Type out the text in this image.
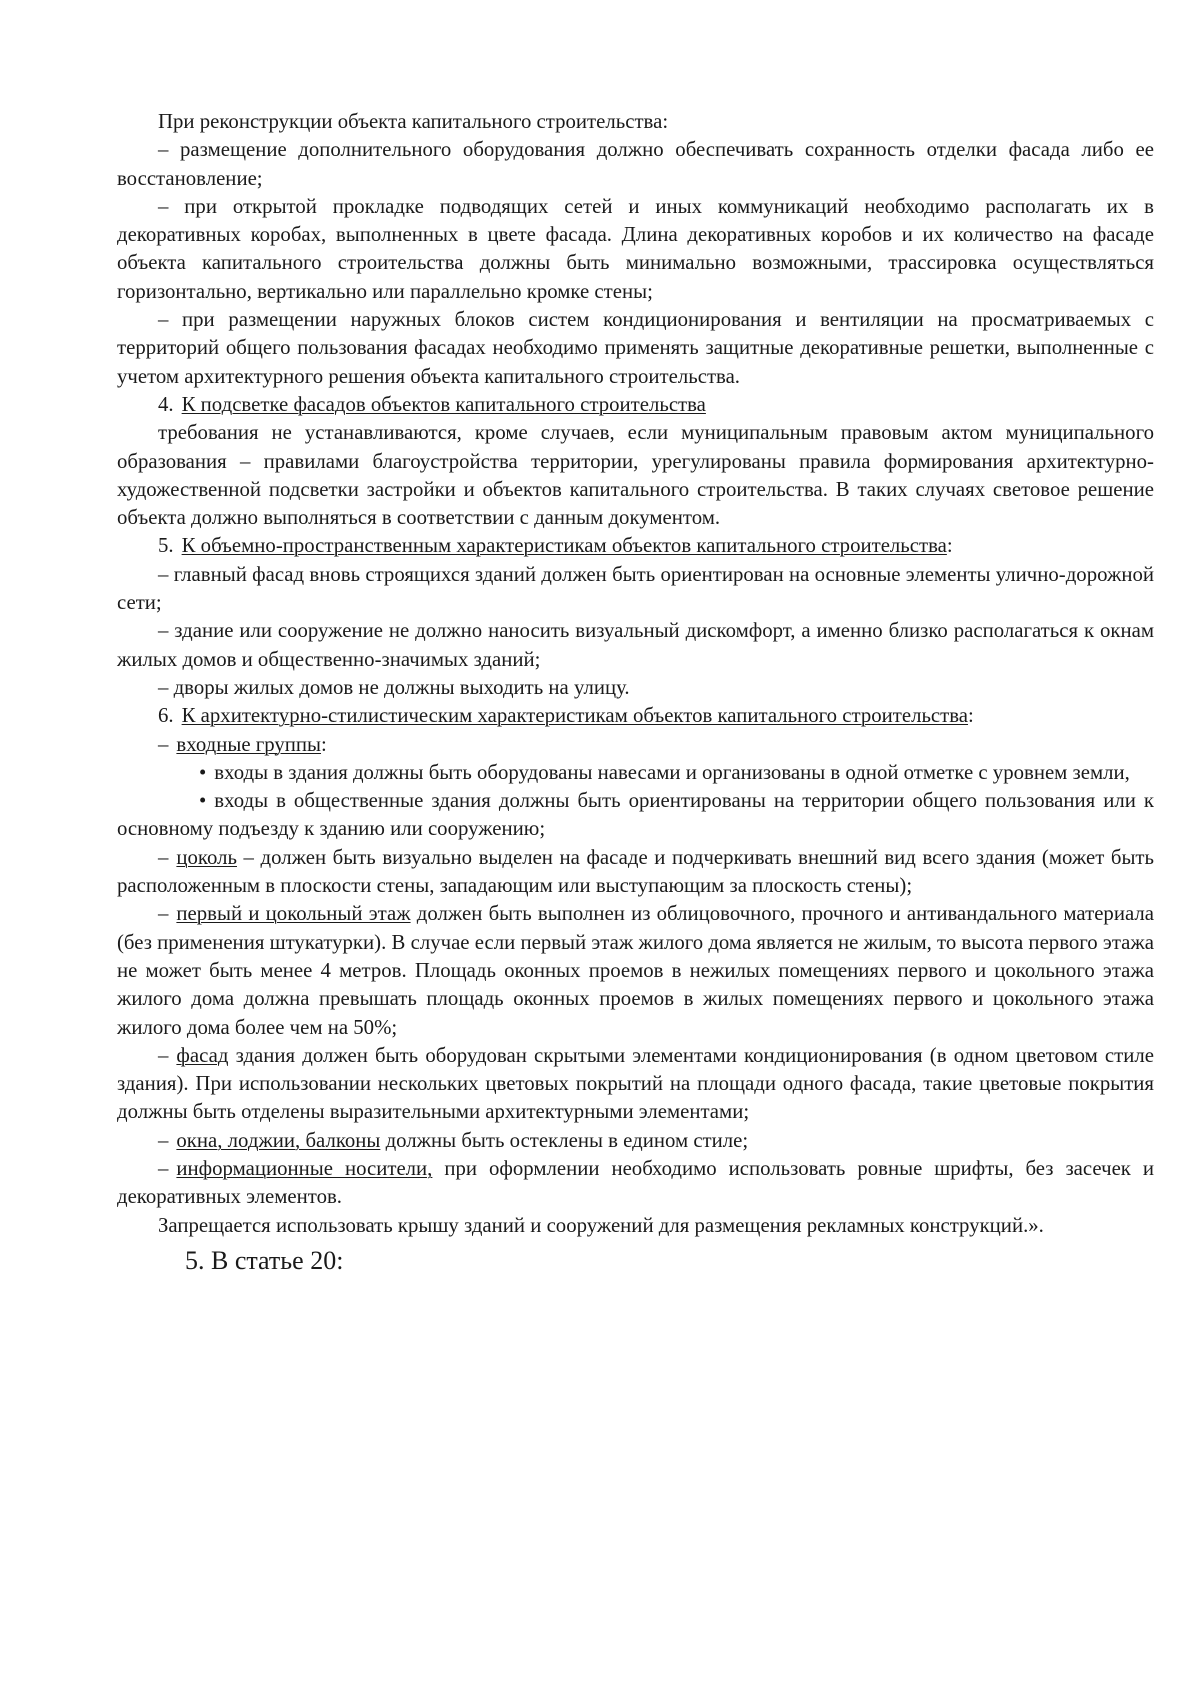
При реконструкции объекта капитального строительства:

– размещение дополнительного оборудования должно обеспечивать сохранность отделки фасада либо ее восстановление;

– при открытой прокладке подводящих сетей и иных коммуникаций необходимо располагать их в декоративных коробах, выполненных в цвете фасада. Длина декоративных коробов и их количество на фасаде объекта капитального строительства должны быть минимально возможными, трассировка осуществляться горизонтально, вертикально или параллельно кромке стены;

– при размещении наружных блоков систем кондиционирования и вентиляции на просматриваемых с территорий общего пользования фасадах необходимо применять защитные декоративные решетки, выполненные с учетом архитектурного решения объекта капитального строительства.

4. К подсветке фасадов объектов капитального строительства

требования не устанавливаются, кроме случаев, если муниципальным правовым актом муниципального образования – правилами благоустройства территории, урегулированы правила формирования архитектурно-художественной подсветки застройки и объектов капитального строительства. В таких случаях световое решение объекта должно выполняться в соответствии с данным документом.

5. К объемно-пространственным характеристикам объектов капитального строительства:

– главный фасад вновь строящихся зданий должен быть ориентирован на основные элементы улично-дорожной сети;

– здание или сооружение не должно наносить визуальный дискомфорт, а именно близко располагаться к окнам жилых домов и общественно-значимых зданий;

– дворы жилых домов не должны выходить на улицу.

6. К архитектурно-стилистическим характеристикам объектов капитального строительства:

– входные группы:

• входы в здания должны быть оборудованы навесами и организованы в одной отметке с уровнем земли,

• входы в общественные здания должны быть ориентированы на территории общего пользования или к основному подъезду к зданию или сооружению;

– цоколь – должен быть визуально выделен на фасаде и подчеркивать внешний вид всего здания (может быть расположенным в плоскости стены, западающим или выступающим за плоскость стены);

– первый и цокольный этаж должен быть выполнен из облицовочного, прочного и антивандального материала (без применения штукатурки). В случае если первый этаж жилого дома является не жилым, то высота первого этажа не может быть менее 4 метров. Площадь оконных проемов в нежилых помещениях первого и цокольного этажа жилого дома должна превышать площадь оконных проемов в жилых помещениях первого и цокольного этажа жилого дома более чем на 50%;

– фасад здания должен быть оборудован скрытыми элементами кондиционирования (в одном цветовом стиле здания). При использовании нескольких цветовых покрытий на площади одного фасада, такие цветовые покрытия должны быть отделены выразительными архитектурными элементами;

– окна, лоджии, балконы должны быть остеклены в едином стиле;

– информационные носители, при оформлении необходимо использовать ровные шрифты, без засечек и декоративных элементов.

Запрещается использовать крышу зданий и сооружений для размещения рекламных конструкций.».

5. В статье 20:
